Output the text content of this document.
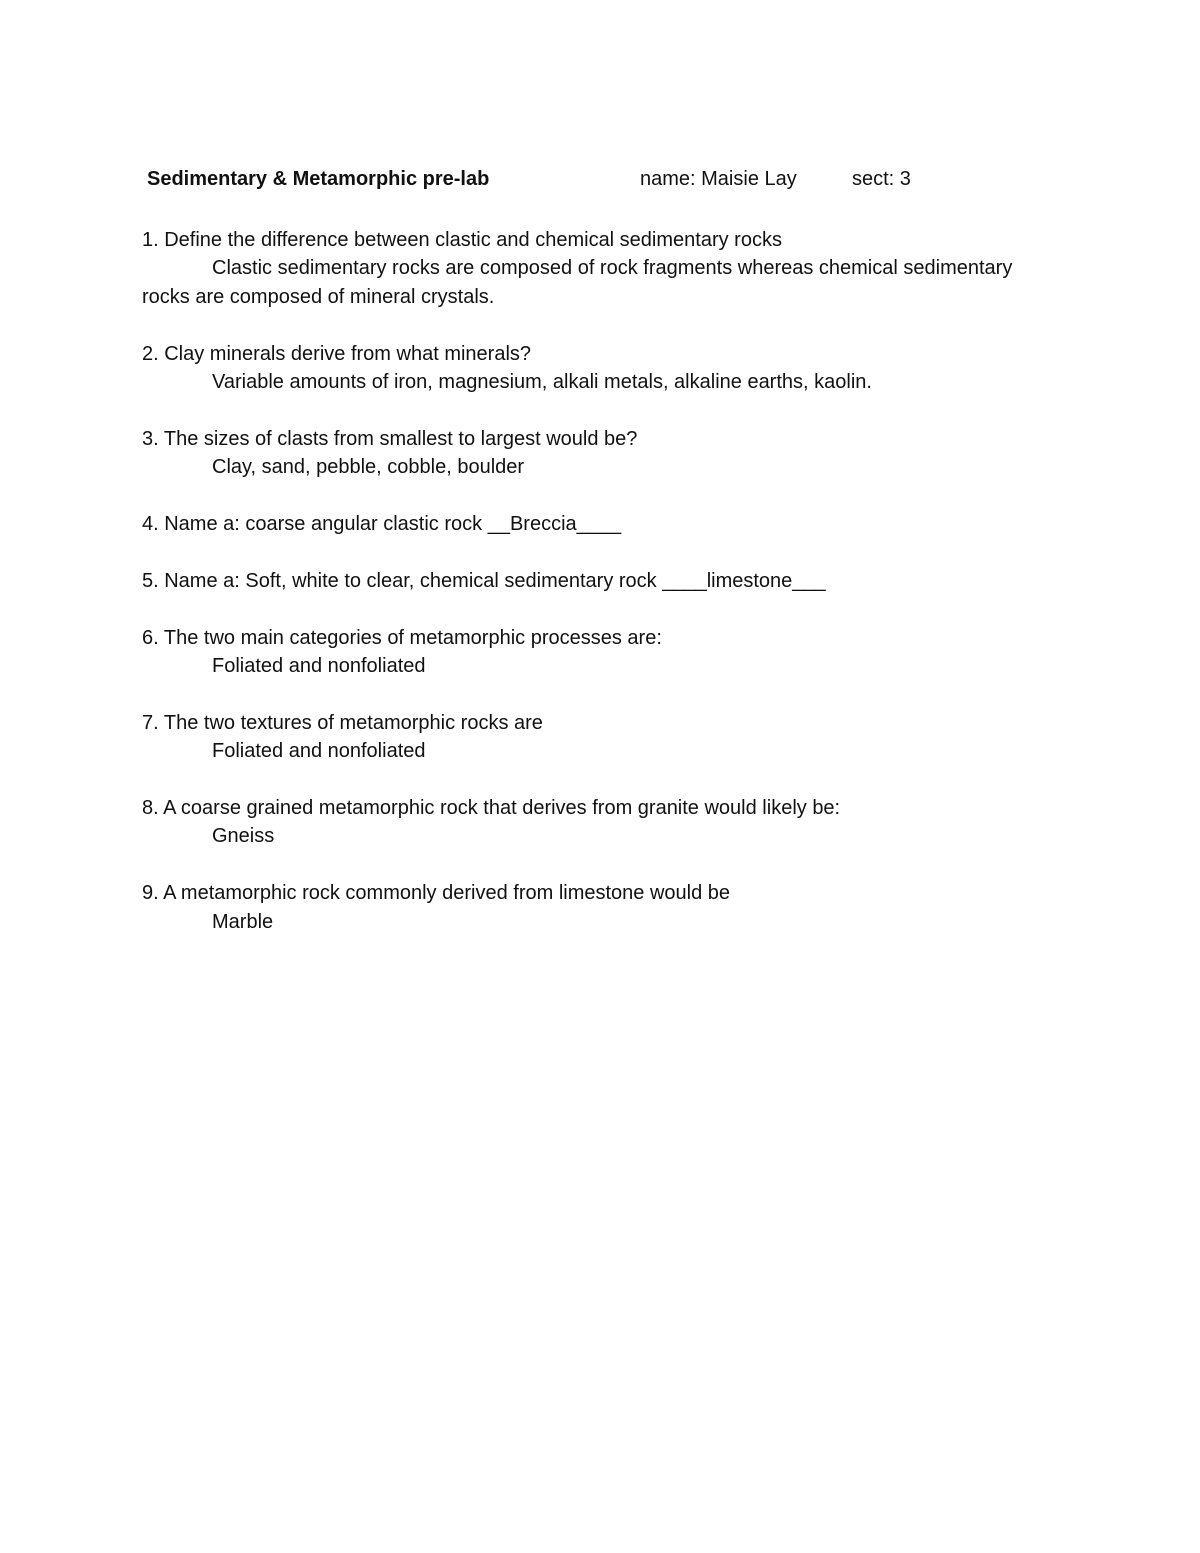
Sedimentary & Metamorphic pre-lab	name: Maisie Lay	sect: 3
1. Define the difference between clastic and chemical sedimentary rocks
Clastic sedimentary rocks are composed of rock fragments whereas chemical sedimentary rocks are composed of mineral crystals.
2. Clay minerals derive from what minerals?
Variable amounts of iron, magnesium, alkali metals, alkaline earths, kaolin.
3. The sizes of clasts from smallest to largest would be?
Clay, sand, pebble, cobble, boulder
4. Name a: coarse angular clastic rock __Breccia____
5. Name a: Soft, white to clear, chemical sedimentary rock ____limestone___
6. The two main categories of metamorphic processes are:
Foliated and nonfoliated
7. The two textures of metamorphic rocks are
Foliated and nonfoliated
8. A coarse grained metamorphic rock that derives from granite would likely be:
Gneiss
9. A metamorphic rock commonly derived from limestone would be
Marble
